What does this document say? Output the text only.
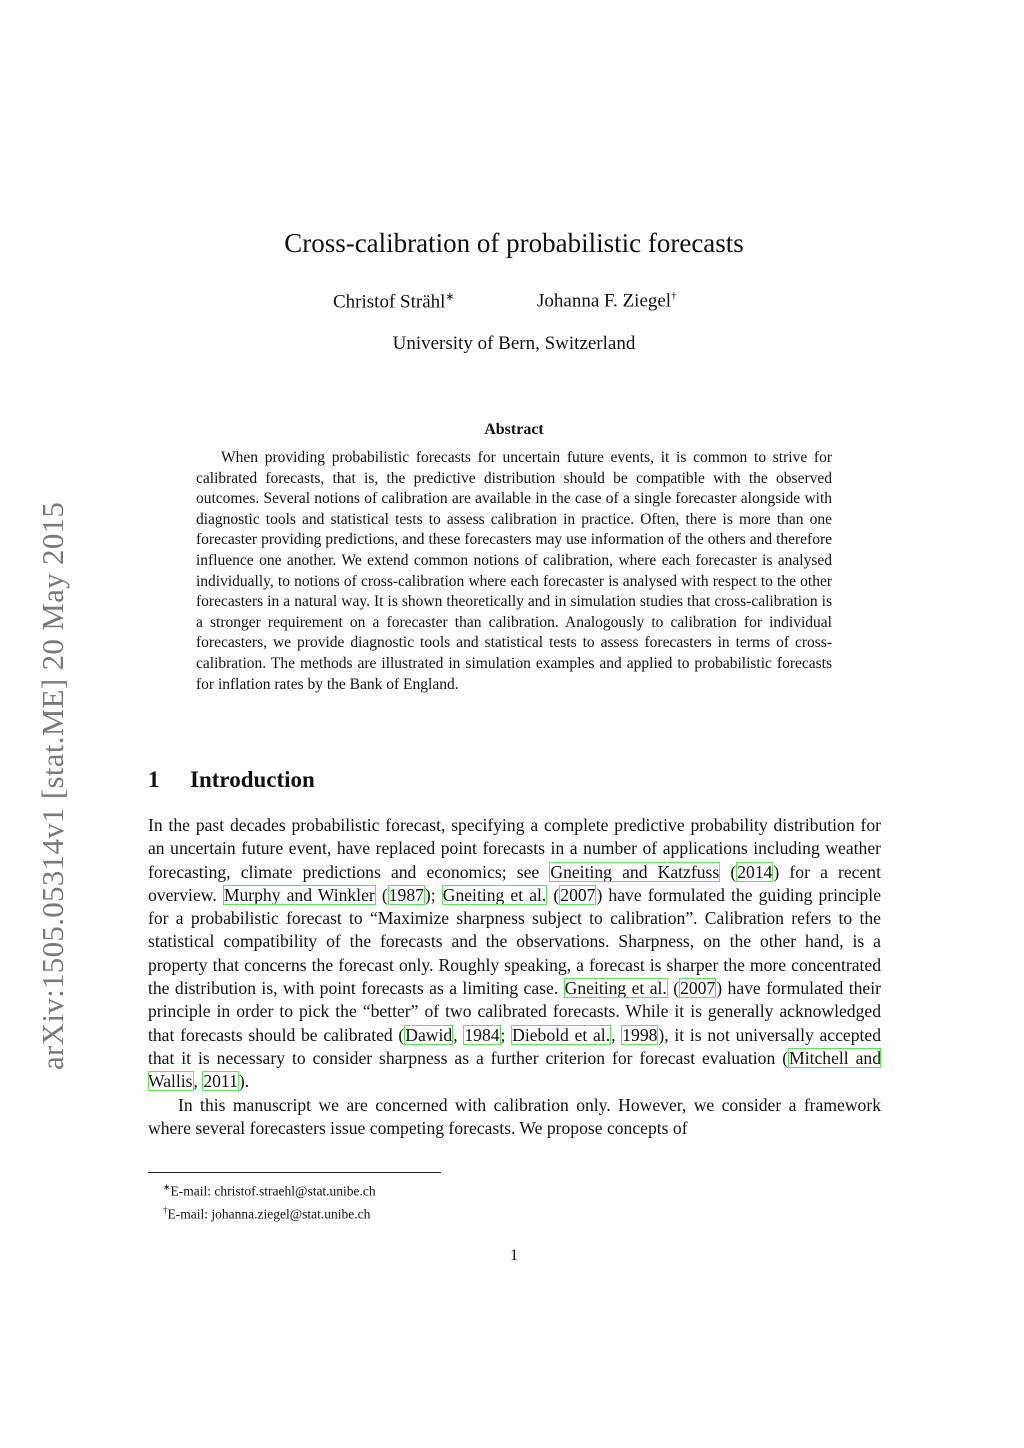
arXiv:1505.05314v1 [stat.ME] 20 May 2015
Cross-calibration of probabilistic forecasts
Christof Strähl∗	Johanna F. Ziegel†
University of Bern, Switzerland
Abstract
When providing probabilistic forecasts for uncertain future events, it is common to strive for calibrated forecasts, that is, the predictive distribution should be compatible with the observed outcomes. Several notions of calibration are available in the case of a single forecaster alongside with diagnostic tools and statistical tests to assess calibration in practice. Often, there is more than one forecaster providing predictions, and these forecasters may use information of the others and therefore influence one another. We extend common notions of calibration, where each forecaster is analysed individually, to notions of cross-calibration where each forecaster is analysed with respect to the other forecasters in a natural way. It is shown theoretically and in simulation studies that cross-calibration is a stronger requirement on a forecaster than calibration. Analogously to calibration for individual forecasters, we provide diagnostic tools and statistical tests to assess forecasters in terms of cross-calibration. The methods are illustrated in simulation examples and applied to probabilistic forecasts for inflation rates by the Bank of England.
1 Introduction

In the past decades probabilistic forecast, specifying a complete predictive probability distribution for an uncertain future event, have replaced point forecasts in a number of applications including weather forecasting, climate predictions and economics; see Gneiting and Katzfuss (2014) for a recent overview. Murphy and Winkler (1987); Gneiting et al. (2007) have formulated the guiding principle for a probabilistic forecast to “Maximize sharpness subject to calibration”. Calibration refers to the statistical compatibility of the forecasts and the observations. Sharpness, on the other hand, is a property that concerns the forecast only. Roughly speaking, a forecast is sharper the more concentrated the distribution is, with point forecasts as a limiting case. Gneiting et al. (2007) have formulated their principle in order to pick the “better” of two calibrated forecasts. While it is generally acknowledged that forecasts should be calibrated (Dawid, 1984; Diebold et al., 1998), it is not universally accepted that it is necessary to consider sharpness as a further criterion for forecast evaluation (Mitchell and Wallis, 2011).

In this manuscript we are concerned with calibration only. However, we consider a framework where several forecasters issue competing forecasts. We propose concepts of

∗E-mail: christof.straehl@stat.unibe.ch
†E-mail: johanna.ziegel@stat.unibe.ch
1
